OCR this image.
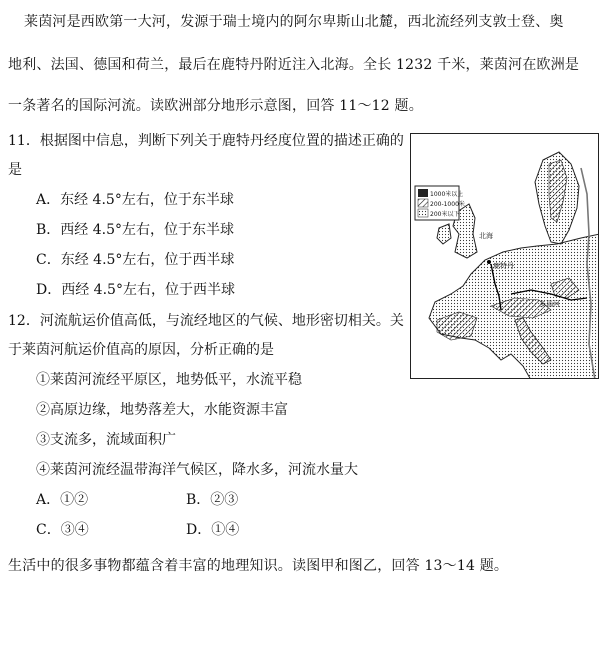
莱茵河是西欧第一大河，发源于瑞士境内的阿尔卑斯山北麓，西北流经列支敦士登、奥
地利、法国、德国和荷兰，最后在鹿特丹附近注入北海。全长 1232 千米，莱茵河在欧洲是
一条著名的国际河流。读欧洲部分地形示意图，回答 11～12 题。
11．根据图中信息，判断下列关于鹿特丹经度位置的描述正确的
是
A．东经 4.5°左右，位于东半球
B．西经 4.5°左右，位于东半球
C．东经 4.5°左右，位于西半球
D．西经 4.5°左右，位于西半球
12．河流航运价值高低，与流经地区的气候、地形密切相关。关
于莱茵河航运价值高的原因，分析正确的是
①莱茵河流经平原区，地势低平，水流平稳
②高原边缘，地势落差大，水能资源丰富
③支流多，流域面积广
④莱茵河流经温带海洋气候区，降水多，河流水量大
A．①②	B．②③
C．③④	D．①④
生活中的很多事物都蕴含着丰富的地理知识。读图甲和图乙，回答 13～14 题。
1000米以上
200-1000米
200米以下
北海
鹿特丹
多瑙河
